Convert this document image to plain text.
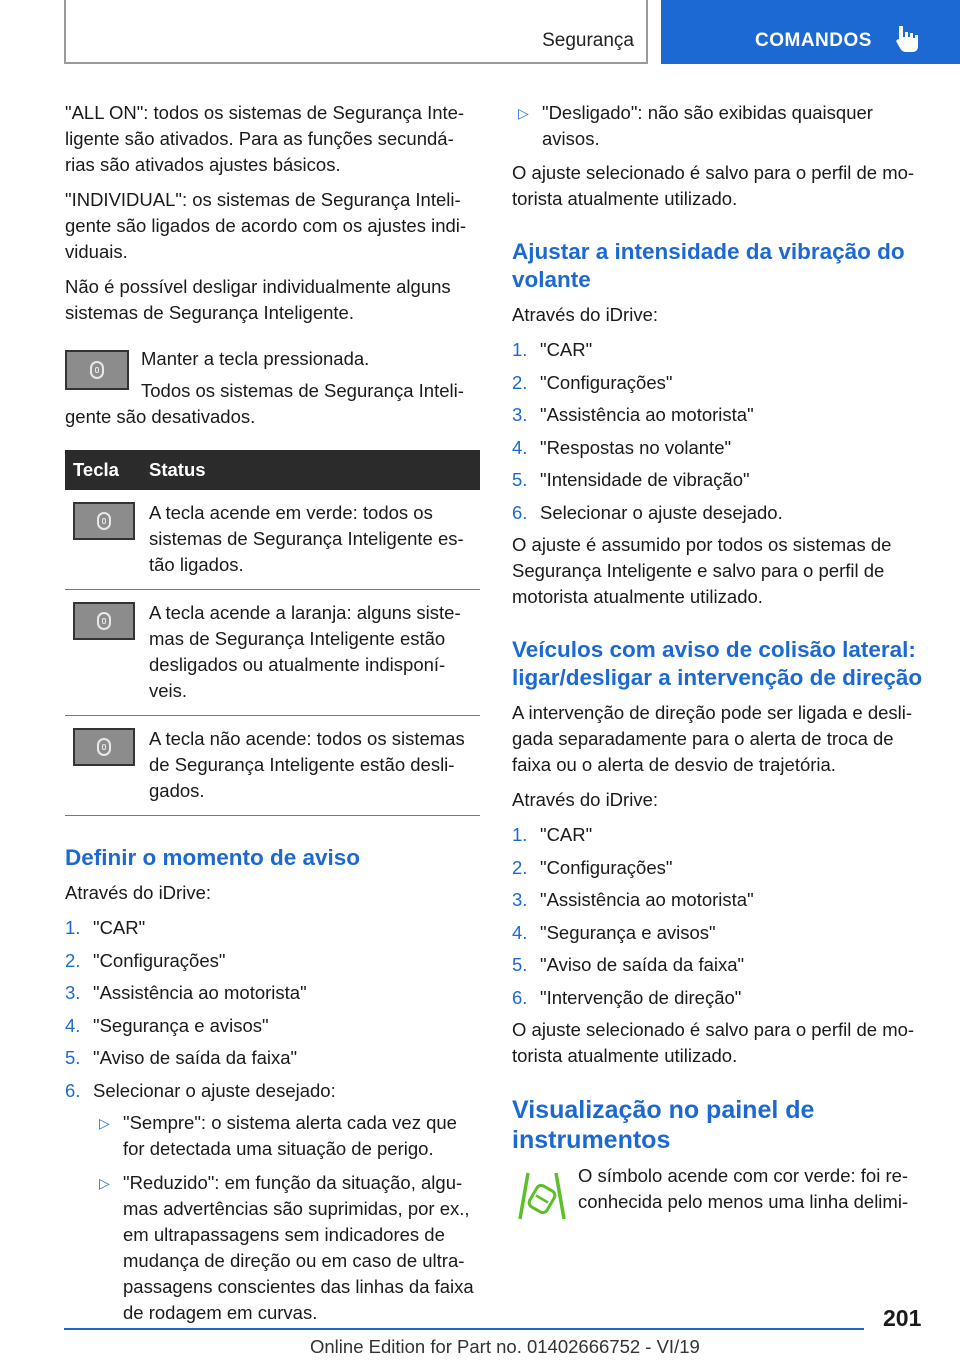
Segurança	COMANDOS

"ALL ON": todos os sistemas de Segurança Inte-ligente são ativados. Para as funções secundá-rias são ativados ajustes básicos.

"INDIVIDUAL": os sistemas de Segurança Inteli-gente são ligados de acordo com os ajustes indi-viduais.

Não é possível desligar individualmente alguns sistemas de Segurança Inteligente.

Manter a tecla pressionada.

Todos os sistemas de Segurança Inteli-gente são desativados.

Tecla	Status

	A tecla acende em verde: todos os sistemas de Segurança Inteligente es-tão ligados.

	A tecla acende a laranja: alguns siste-mas de Segurança Inteligente estão desligados ou atualmente indisponí-veis.

	A tecla não acende: todos os sistemas de Segurança Inteligente estão desli-gados.
Definir o momento de aviso

Através do iDrive:

1. "CAR"
2. "Configurações"
3. "Assistência ao motorista"
4. "Segurança e avisos"
5. "Aviso de saída da faixa"
6. Selecionar o ajuste desejado:
▷ "Sempre": o sistema alerta cada vez que for detectada uma situação de perigo.
▷ "Reduzido": em função da situação, algu-mas advertências são suprimidas, por ex., em ultrapassagens sem indicadores de mudança de direção ou em caso de ultra-passagens conscientes das linhas da faixa de rodagem em curvas.
▷ "Desligado": não são exibidas quaisquer avisos.

O ajuste selecionado é salvo para o perfil de mo-torista atualmente utilizado.

Ajustar a intensidade da vibração do volante

Através do iDrive:

1. "CAR"
2. "Configurações"
3. "Assistência ao motorista"
4. "Respostas no volante"
5. "Intensidade de vibração"
6. Selecionar o ajuste desejado.

O ajuste é assumido por todos os sistemas de Segurança Inteligente e salvo para o perfil de motorista atualmente utilizado.

Veículos com aviso de colisão lateral: ligar/desligar a intervenção de direção

A intervenção de direção pode ser ligada e desli-gada separadamente para o alerta de troca de faixa ou o alerta de desvio de trajetória.

Através do iDrive:

1. "CAR"
2. "Configurações"
3. "Assistência ao motorista"
4. "Segurança e avisos"
5. "Aviso de saída da faixa"
6. "Intervenção de direção"

O ajuste selecionado é salvo para o perfil de mo-torista atualmente utilizado.

Visualização no painel de instrumentos

O símbolo acende com cor verde: foi re-conhecida pelo menos uma linha delimi-

201
Online Edition for Part no. 01402666752 - VI/19
